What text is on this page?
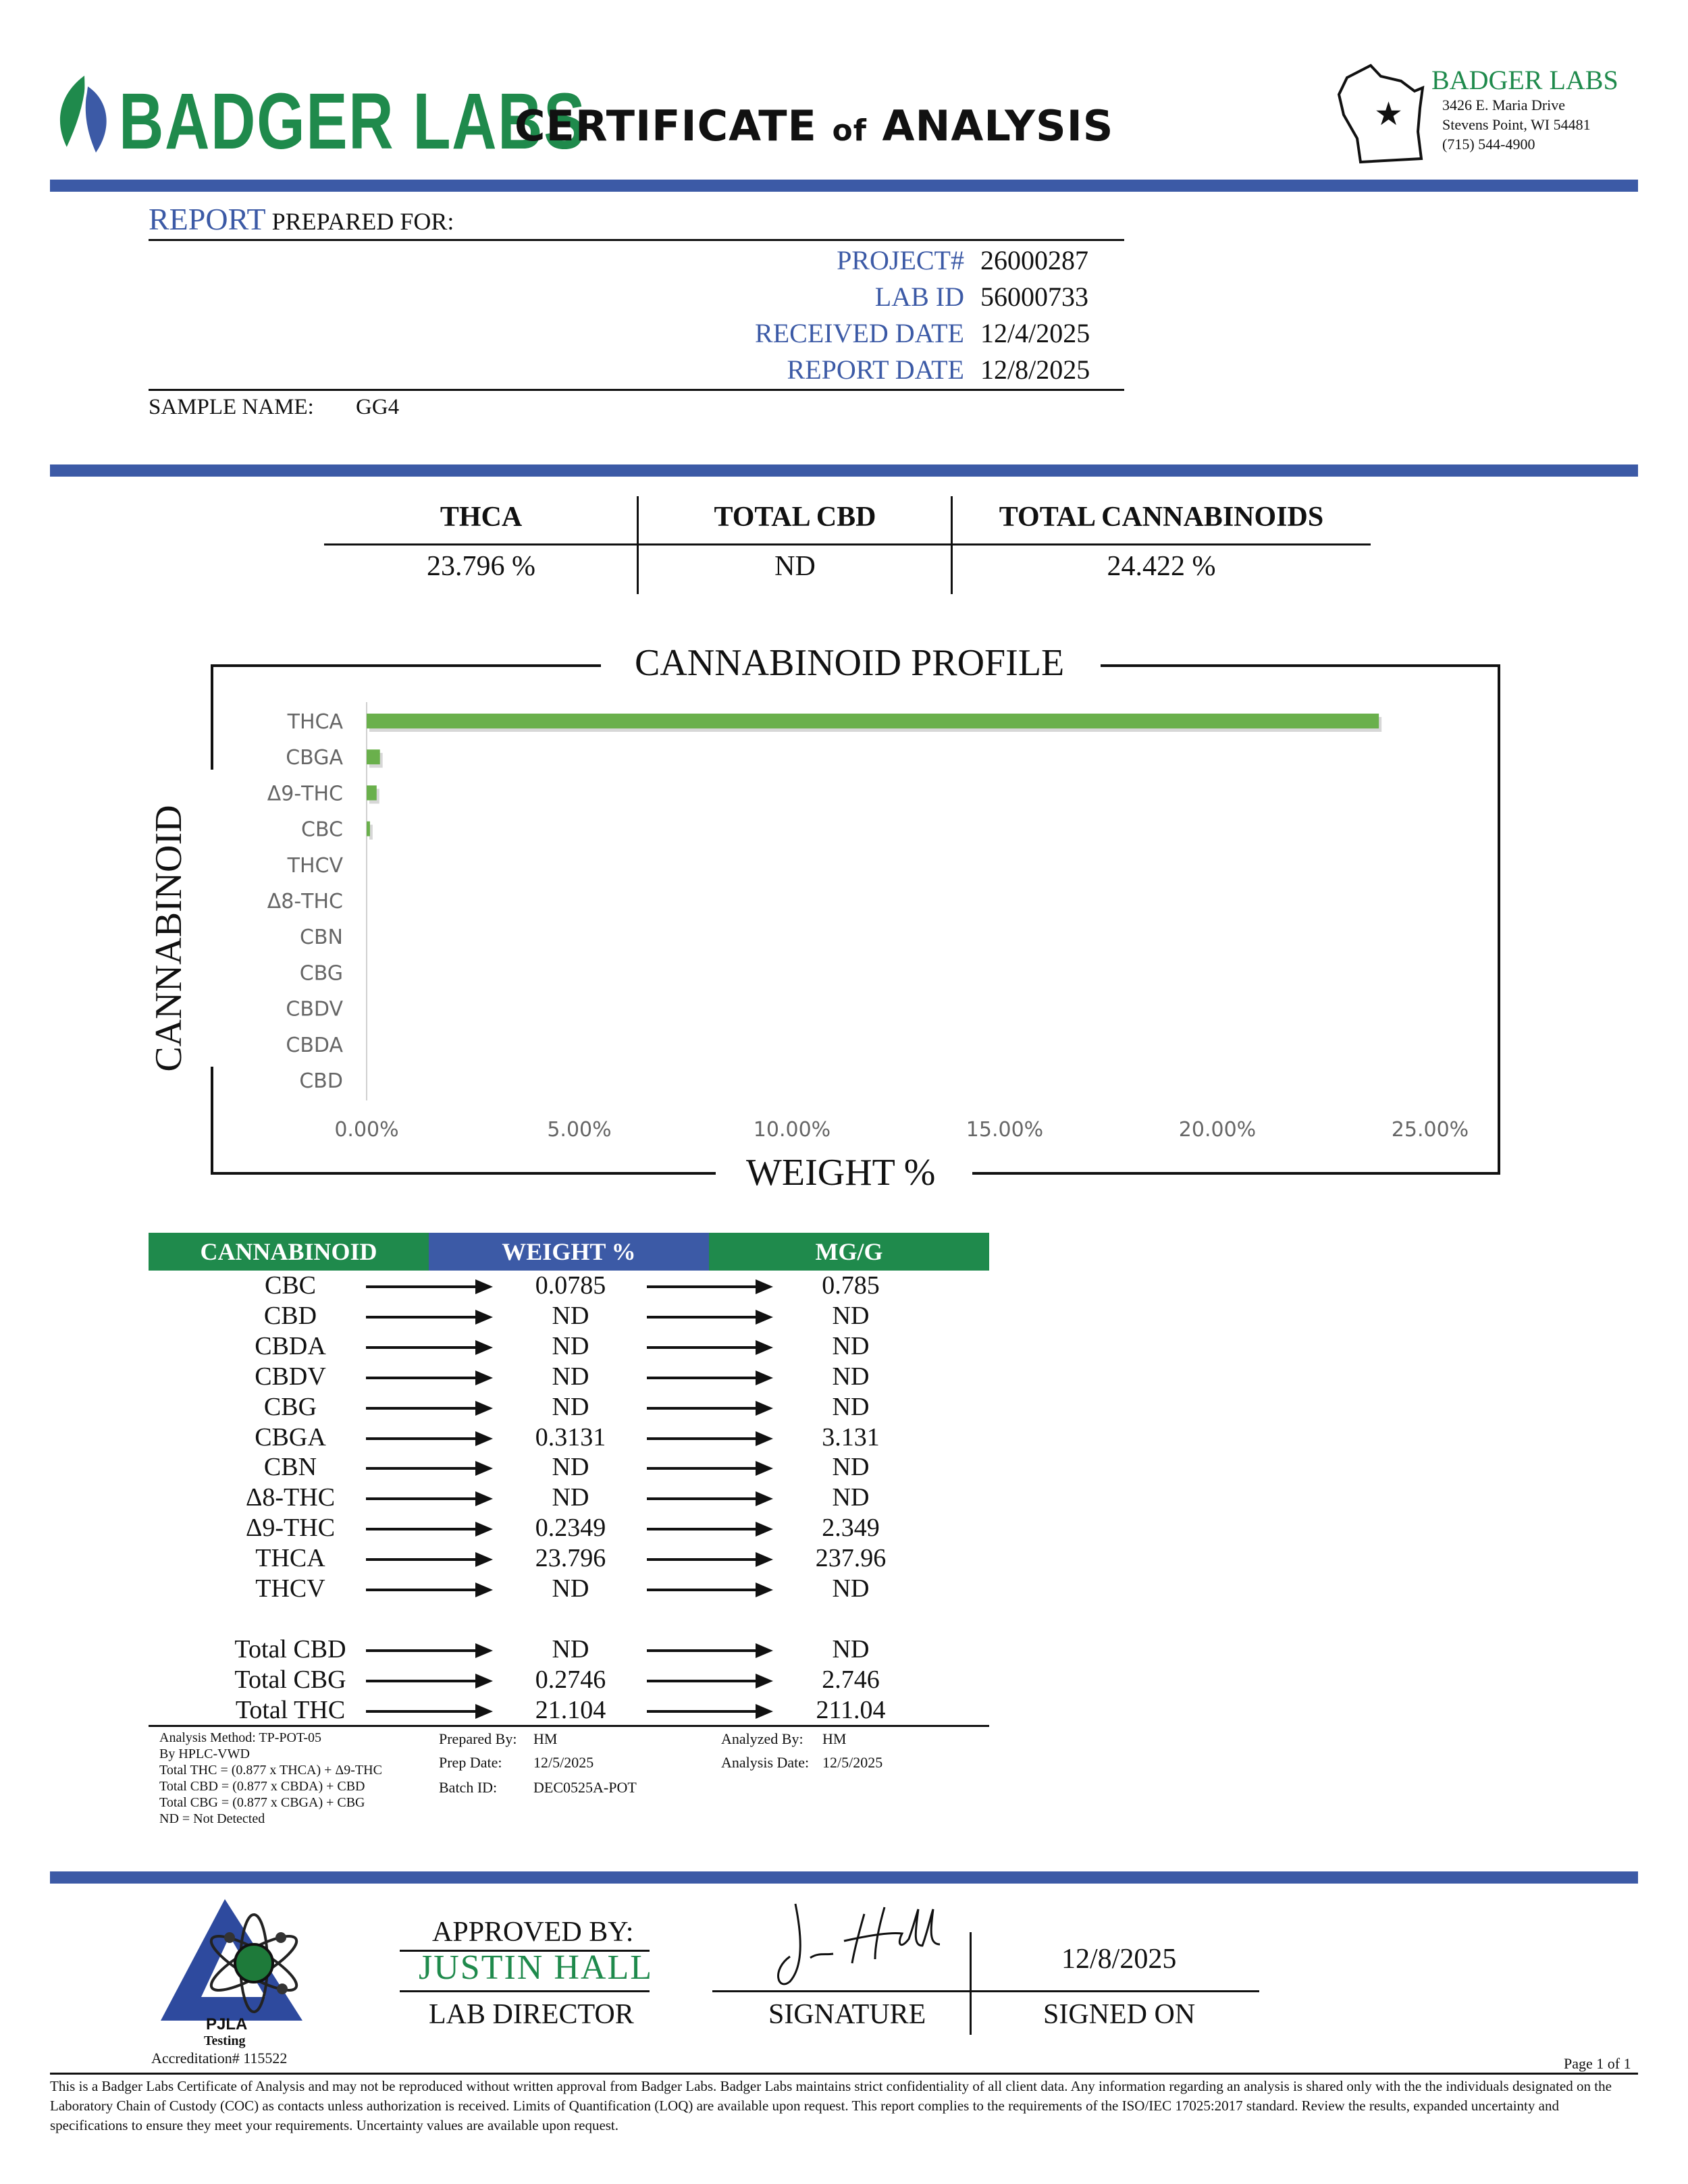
BADGER LABS
CERTIFICATE of ANALYSIS	★
BADGER LABS
3426 E. Maria Drive
Stevens Point, WI 54481
(715) 544-4900
REPORT PREPARED FOR:
PROJECT# 26000287
LAB ID 56000733
RECEIVED DATE 12/4/2025
REPORT DATE 12/8/2025
SAMPLE NAME: GG4
THCA	TOTAL CBD	TOTAL CANNABINOIDS
23.796 %	ND	24.422 %
CANNABINOID PROFILE
CANNABINOID
WEIGHT %
THCA
CBGA
Δ9-THC
CBC
THCV
Δ8-THC
CBN
CBG
CBDV
CBDA
CBD
0.00%	5.00%	10.00%	15.00%	20.00%	25.00%
CANNABINOID	WEIGHT %	MG/G
CBC	0.0785	0.785
CBD	ND	ND
CBDA	ND	ND
CBDV	ND	ND
CBG	ND	ND
CBGA	0.3131	3.131
CBN	ND	ND
Δ8-THC	ND	ND
Δ9-THC	0.2349	2.349
THCA	23.796	237.96
THCV	ND	ND
Total CBD	ND	ND
Total CBG	0.2746	2.746
Total THC	21.104	211.04
Analysis Method: TP-POT-05
By HPLC-VWD
Total THC = (0.877 x THCA) + Δ9-THC
Total CBD = (0.877 x CBDA) + CBD
Total CBG = (0.877 x CBGA) + CBG
ND = Not Detected
Prepared By: HM
Prep Date: 12/5/2025
Batch ID: DEC0525A-POT
Analyzed By: HM
Analysis Date: 12/5/2025
PJLA
Testing
Accreditation# 115522
APPROVED BY:
JUSTIN HALL
LAB DIRECTOR	SIGNATURE
12/8/2025
SIGNED ON
Page 1 of 1
This is a Badger Labs Certificate of Analysis and may not be reproduced without written approval from Badger Labs. Badger Labs maintains strict confidentiality of all client data. Any information regarding an analysis is shared only with the the individuals designated on the Laboratory Chain of Custody (COC) as contacts unless authorization is received. Limits of Quantification (LOQ) are available upon request. This report complies to the requirements of the ISO/IEC 17025:2017 standard. Review the results, expanded uncertainty and specifications to ensure they meet your requirements. Uncertainty values are available upon request.
